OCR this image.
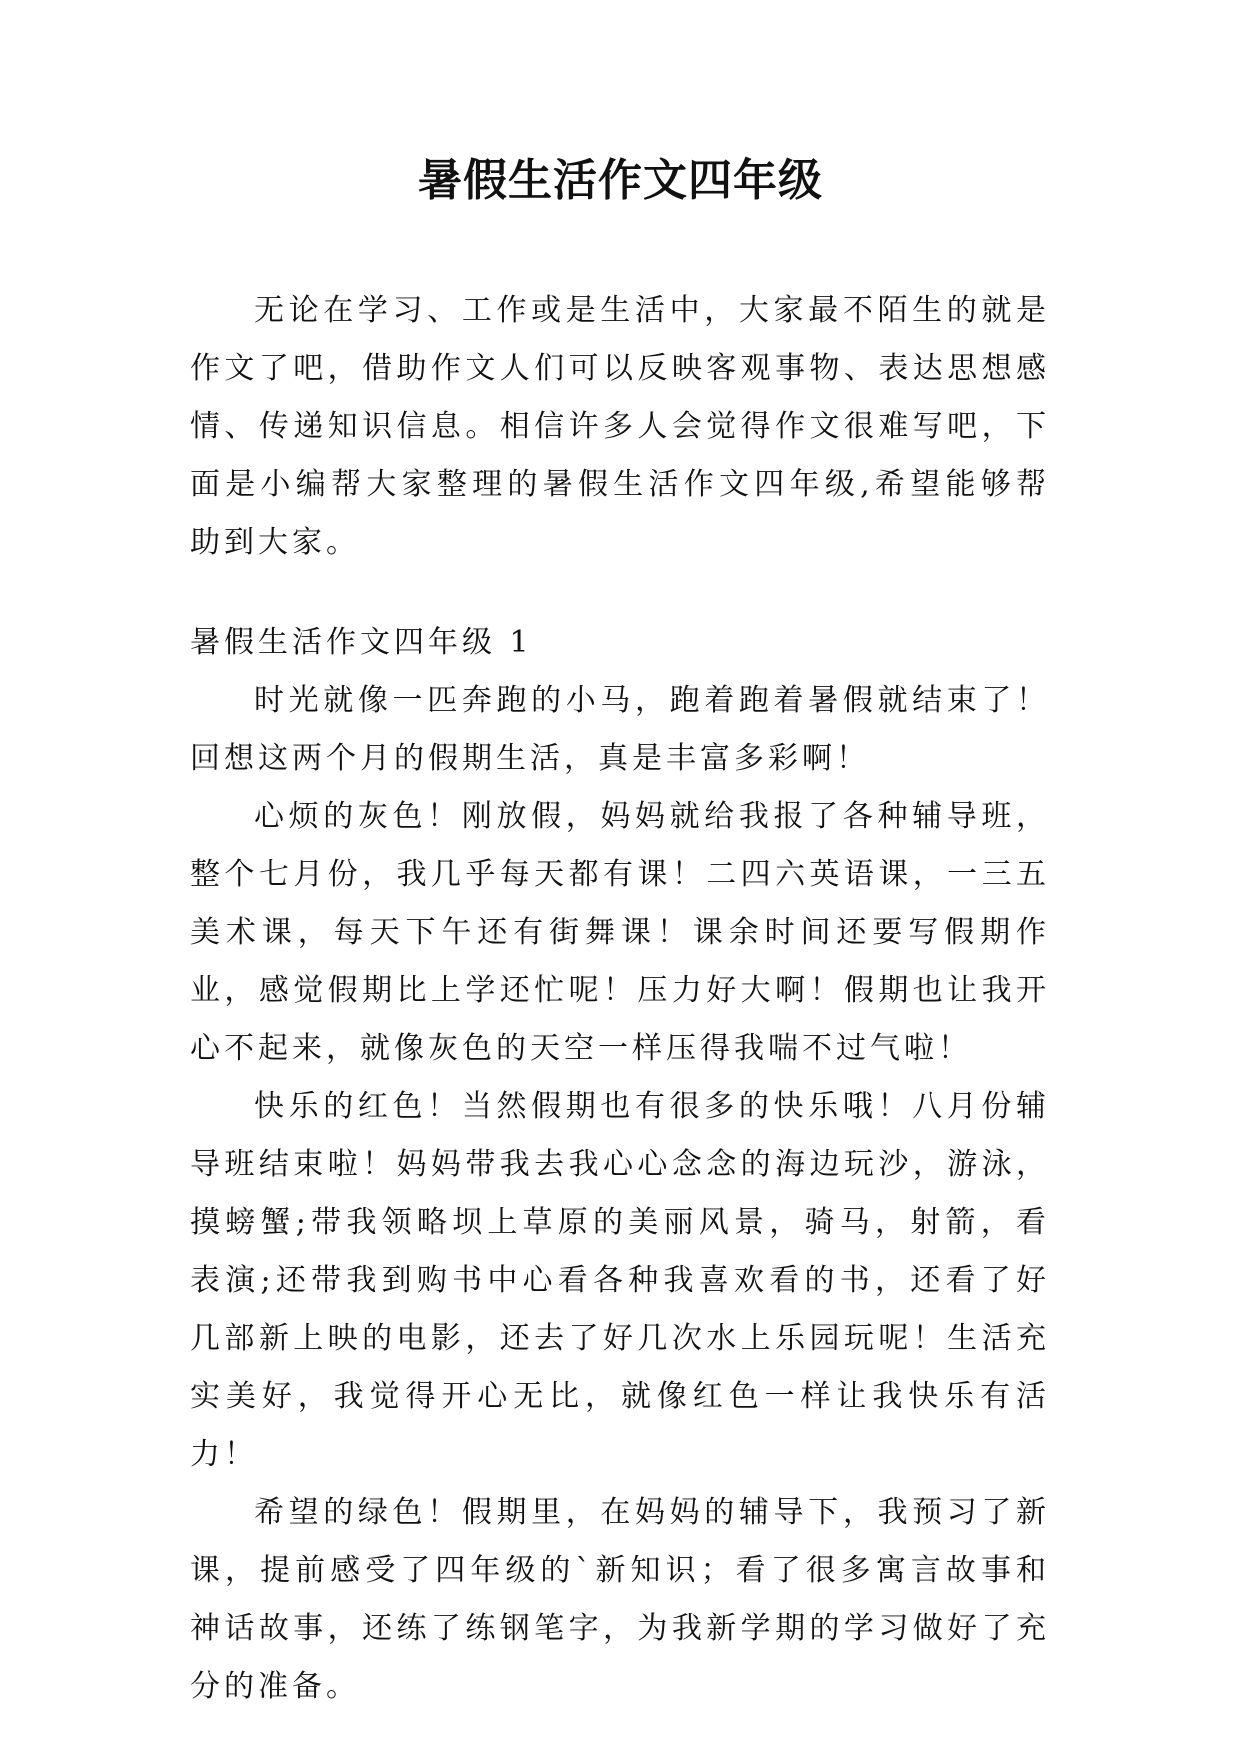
暑假生活作文四年级

无论在学习、工作或是生活中，大家最不陌生的就是作文了吧，借助作文人们可以反映客观事物、表达思想感情、传递知识信息。相信许多人会觉得作文很难写吧，下面是小编帮大家整理的暑假生活作文四年级,希望能够帮助到大家。

暑假生活作文四年级 1

时光就像一匹奔跑的小马，跑着跑着暑假就结束了！回想这两个月的假期生活，真是丰富多彩啊！

心烦的灰色！刚放假，妈妈就给我报了各种辅导班，整个七月份，我几乎每天都有课！二四六英语课，一三五美术课，每天下午还有街舞课！课余时间还要写假期作业，感觉假期比上学还忙呢！压力好大啊！假期也让我开心不起来，就像灰色的天空一样压得我喘不过气啦！

快乐的红色！当然假期也有很多的快乐哦！八月份辅导班结束啦！妈妈带我去我心心念念的海边玩沙，游泳，摸螃蟹;带我领略坝上草原的美丽风景，骑马，射箭，看表演;还带我到购书中心看各种我喜欢看的书，还看了好几部新上映的电影，还去了好几次水上乐园玩呢！生活充实美好，我觉得开心无比，就像红色一样让我快乐有活力！

希望的绿色！假期里，在妈妈的辅导下，我预习了新课，提前感受了四年级的`新知识；看了很多寓言故事和神话故事，还练了练钢笔字，为我新学期的学习做好了充分的准备。
